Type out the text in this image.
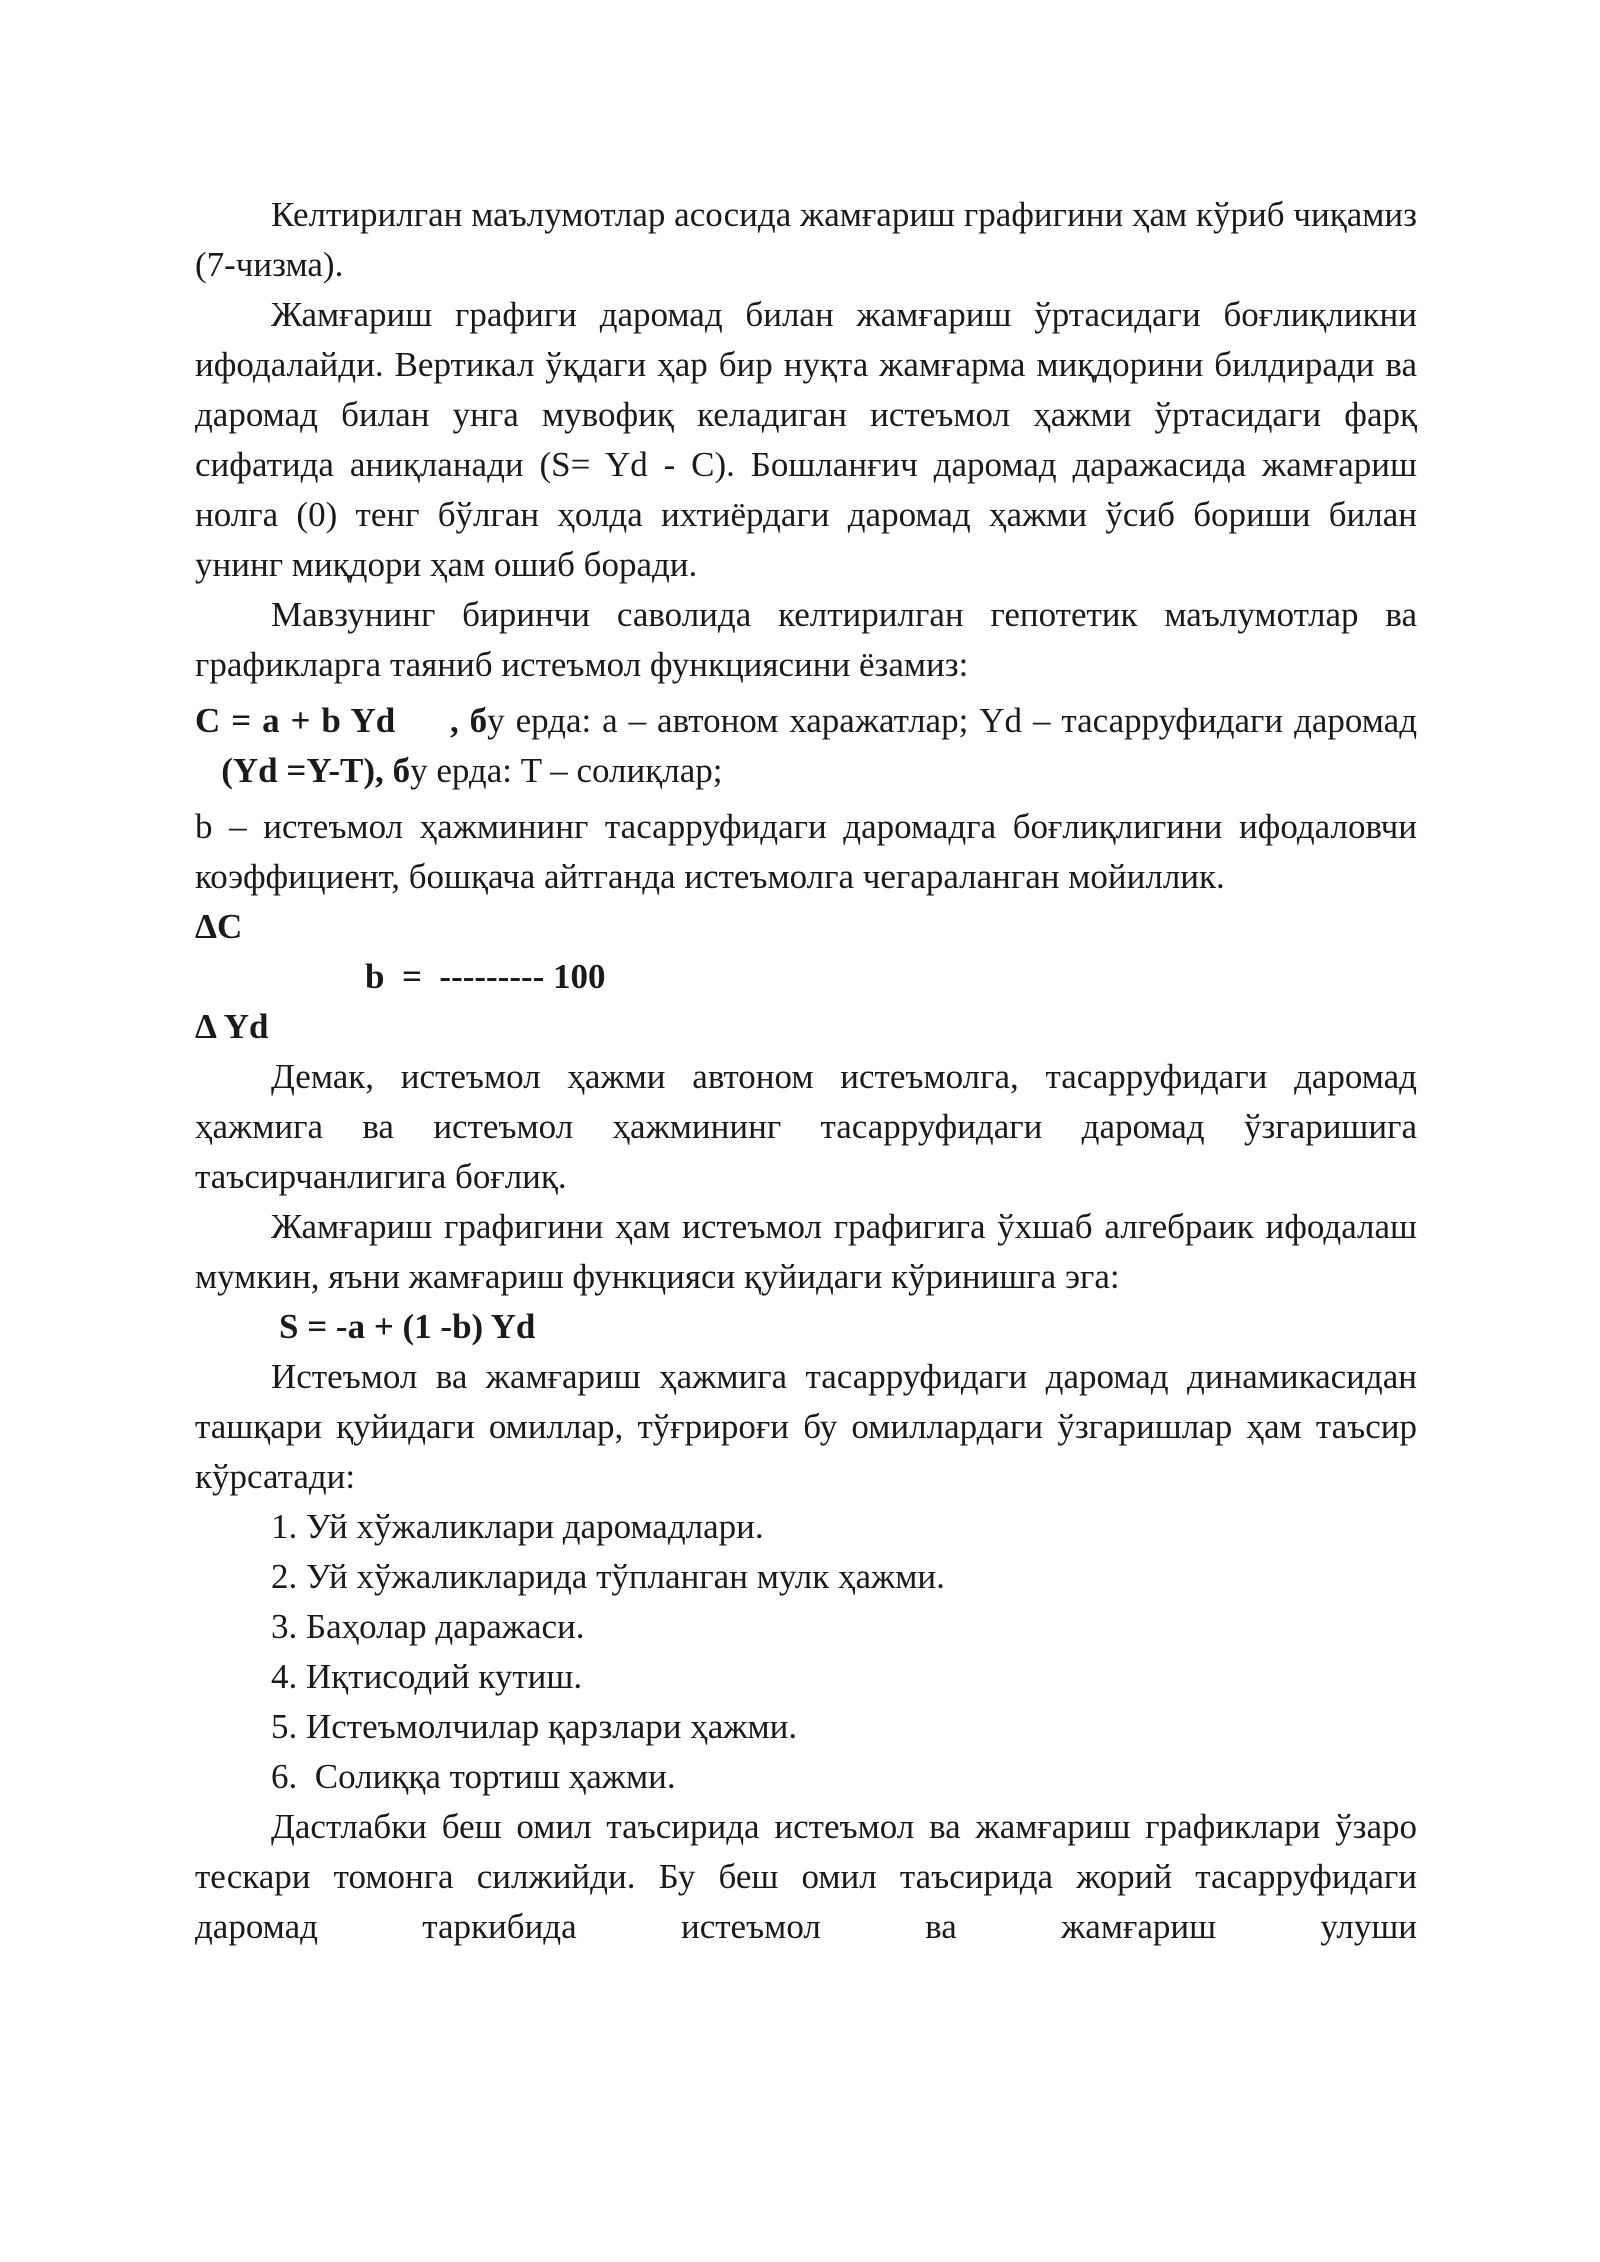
Келтирилган маълумотлар асосида жамғариш графигини ҳам кўриб чиқамиз (7-чизма).

Жамғариш графиги даромад билан жамғариш ўртасидаги боғлиқликни ифодалайди. Вертикал ўқдаги ҳар бир нуқта жамғарма миқдорини билдиради ва даромад билан унга мувофиқ келадиган истеъмол ҳажми ўртасидаги фарқ сифатида аниқланади (S= Yd - C). Бошланғич даромад даражасида жамғариш нолга (0) тенг бўлган ҳолда ихтиёрдаги даромад ҳажми ўсиб бориши билан унинг миқдори ҳам ошиб боради.

Мавзунинг биринчи саволида келтирилган гепотетик маълумотлар ва графикларга таяниб истеъмол функциясини ёзамиз:

C = a + b Yd , бу ерда: a – автоном харажатлар; Yd – тасарруфидаги даромад   (Yd =Y-T), бу ерда: T – солиқлар;

b – истеъмол ҳажмининг тасарруфидаги даромадга боғлиқлигини ифодаловчи коэффициент, бошқача айтганда истеъмолга чегараланган мойиллик.

ΔC

b  =  --------- 100

Δ Yd

Демак, истеъмол ҳажми автоном истеъмолга, тасарруфидаги даромад ҳажмига ва истеъмол ҳажмининг тасарруфидаги даромад ўзгаришига таъсирчанлигига боғлиқ.

Жамғариш графигини ҳам истеъмол графигига ўхшаб алгебраик ифодалаш мумкин, яъни жамғариш функцияси қуйидаги кўринишга эга:

S = -a + (1 -b) Yd

Истеъмол ва жамғариш ҳажмига тасарруфидаги даромад динамикасидан ташқари қуйидаги омиллар, тўғрироғи бу омиллардаги ўзгаришлар ҳам таъсир кўрсатади:

1. Уй хўжаликлари даромадлари.

2. Уй хўжаликларида тўпланган мулк ҳажми.

3. Баҳолар даражаси.

4. Иқтисодий кутиш.

5. Истеъмолчилар қарзлари ҳажми.

6.  Солиққа тортиш ҳажми.

Дастлабки беш омил таъсирида истеъмол ва жамғариш графиклари ўзаро тескари томонга силжийди. Бу беш омил таъсирида жорий тасарруфидаги даромад таркибида истеъмол ва жамғариш улуши
